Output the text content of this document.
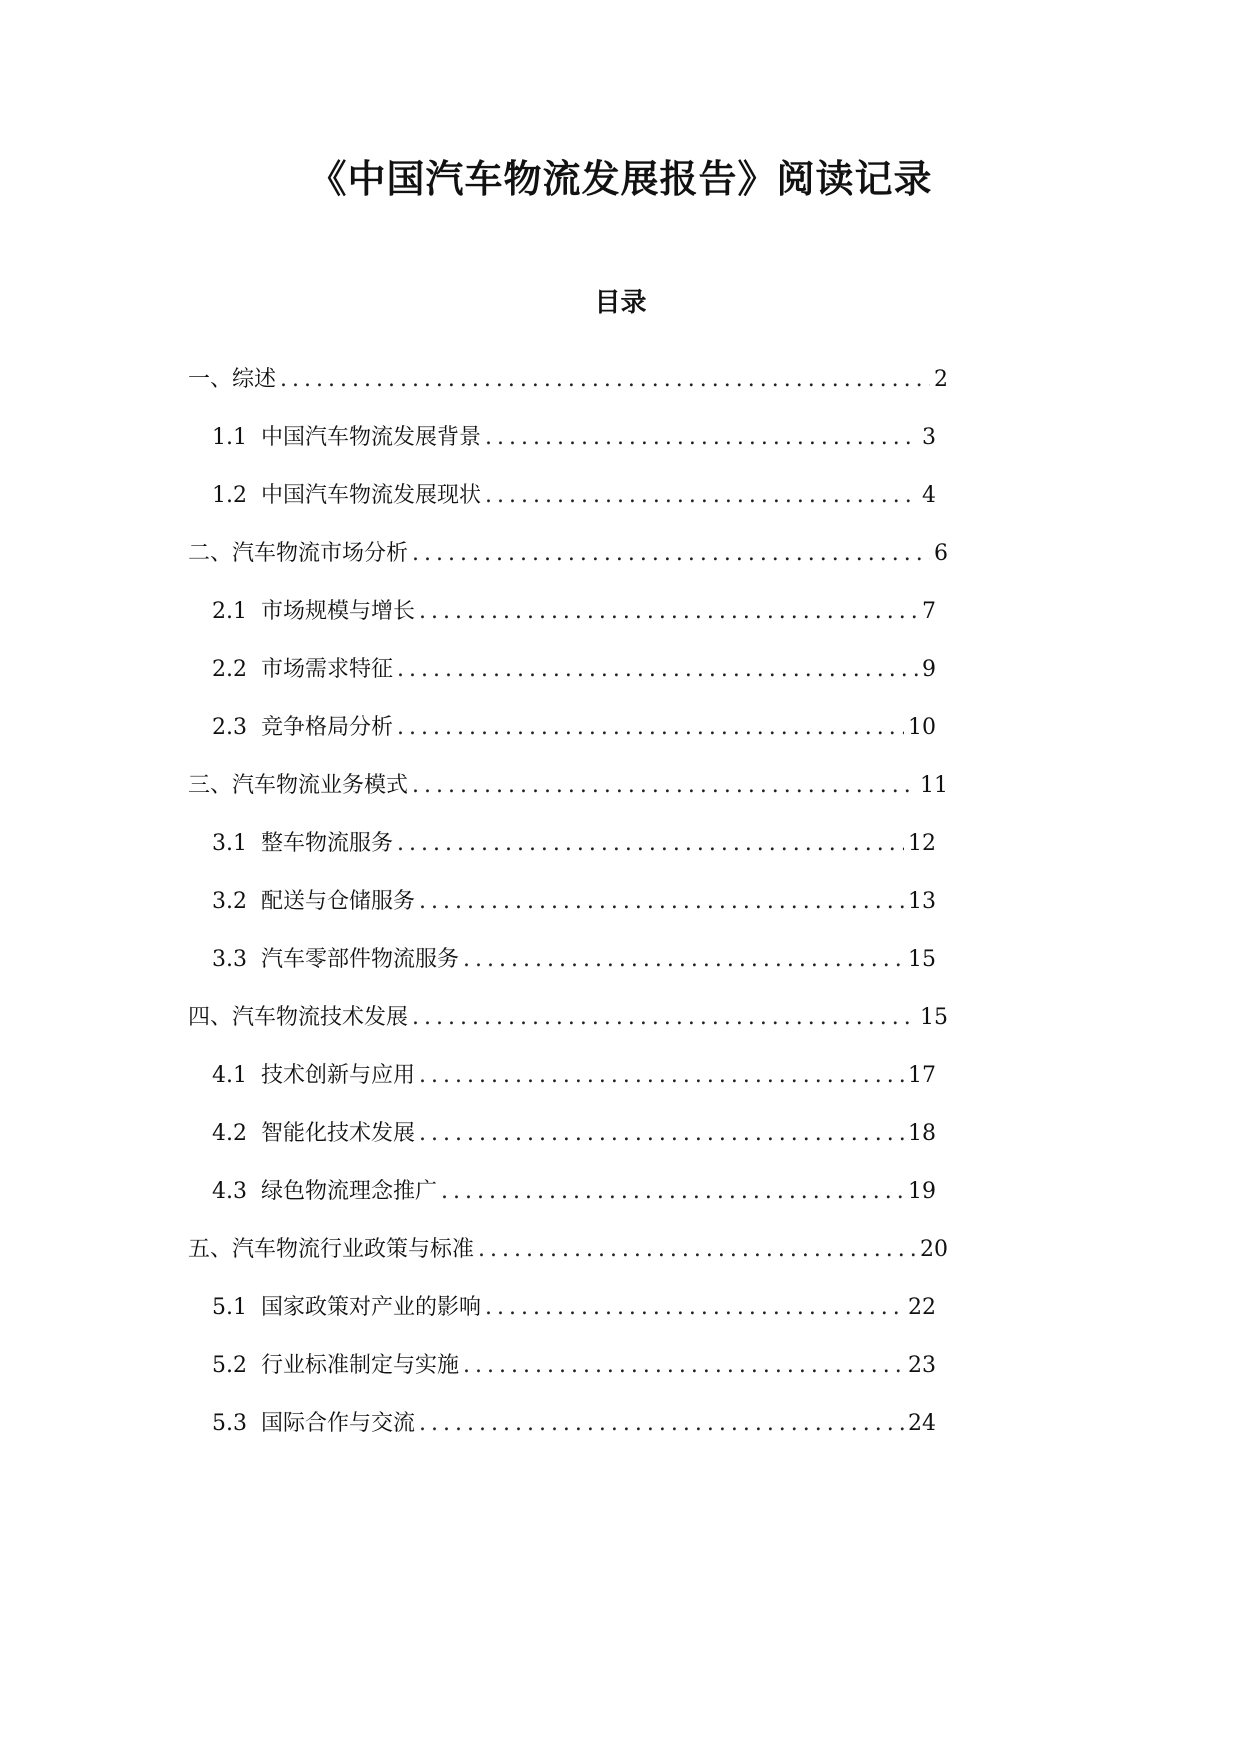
《中国汽车物流发展报告》阅读记录
目录
一、综述 .....	2
1.1 中国汽车物流发展背景 .....	3
1.2 中国汽车物流发展现状 .....	4
二、汽车物流市场分析 .....	6
2.1 市场规模与增长 .....	7
2.2 市场需求特征 .....	9
2.3 竞争格局分析 .....	10
三、汽车物流业务模式 .....	11
3.1 整车物流服务 .....	12
3.2 配送与仓储服务 .....	13
3.3 汽车零部件物流服务 .....	15
四、汽车物流技术发展 .....	15
4.1 技术创新与应用 .....	17
4.2 智能化技术发展 .....	18
4.3 绿色物流理念推广 .....	19
五、汽车物流行业政策与标准 .....	20
5.1 国家政策对产业的影响 .....	22
5.2 行业标准制定与实施 .....	23
5.3 国际合作与交流 .....	24
